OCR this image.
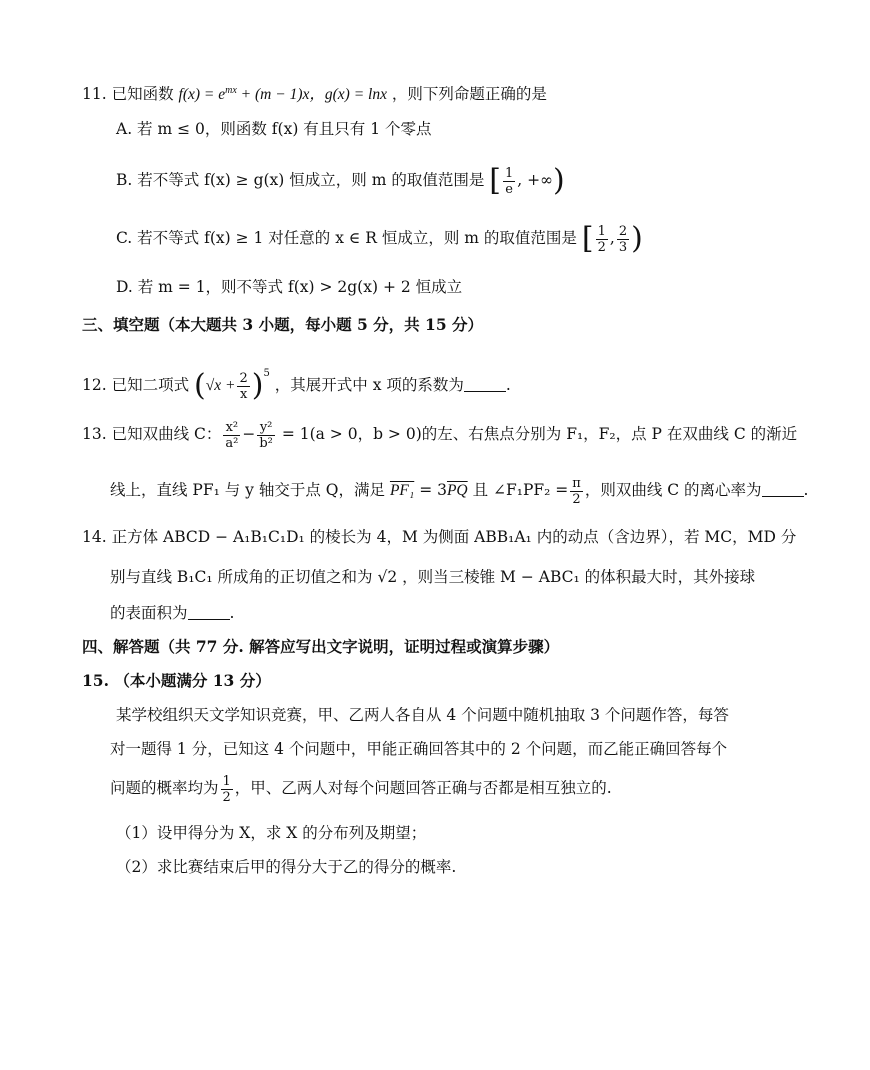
11. 已知函数 $f(x) = e^{mx} + (m - 1)x$，g(x) = lnx ，则下列命题正确的是
A. 若 m ≤ 0，则函数 f(x) 有且只有 1 个零点
B. 若不等式 f(x) ≥ g(x) 恒成立，则 m 的取值范围是 [ $\frac{1}{e}$ , +∞)
C. 若不等式 f(x) ≥ 1 对任意的 x ∈ R 恒成立，则 m 的取值范围是 [ $\frac{1}{2}$ , $\frac{2}{3}$ )
D. 若 m = 1，则不等式 f(x) > 2g(x) + 2 恒成立
三、填空题（本大题共 3 小题，每小题 5 分，共 15 分）
12. 已知二项式 $(√x + \frac{2}{x} )^5$ ，其展开式中 x 项的系数为	.
13. 已知双曲线 C： $\frac{\text{x²}}{\text{a²}} - \frac{\text{y²}}{\text{b²}} = 1(a > 0$，b > 0)的左、右焦点分别为 F₁，F₂，点 P 在双曲线 C 的渐近
线上，直线 PF₁ 与 y 轴交于点 Q，满足 $PF_1 = 3\overline{PQ}$ 且 ∠F₁PF₂ = $\frac{\pi}{2}$ ，则双曲线 C 的离心率为	.
14. 正方体 ABCD − A₁B₁C₁D₁ 的棱长为 4，M 为侧面 ABB₁A₁ 内的动点（含边界），若 MC，MD 分
别与直线 B₁C₁ 所成角的正切值之和为 √2 ，则当三棱锥 M − ABC₁ 的体积最大时，其外接球
的表面积为	.
四、解答题（共 77 分. 解答应写出文字说明，证明过程或演算步骤）
15. （本小题满分 13 分）
某学校组织天文学知识竞赛，甲、乙两人各自从 4 个问题中随机抽取 3 个问题作答，每答
对一题得 1 分，已知这 4 个问题中，甲能正确回答其中的 2 个问题，而乙能正确回答每个
问题的概率均为 $\frac{1}{2}$ ，甲、乙两人对每个问题回答正确与否都是相互独立的.
（1）设甲得分为 X，求 X 的分布列及期望；
（2）求比赛结束后甲的得分大于乙的得分的概率.
